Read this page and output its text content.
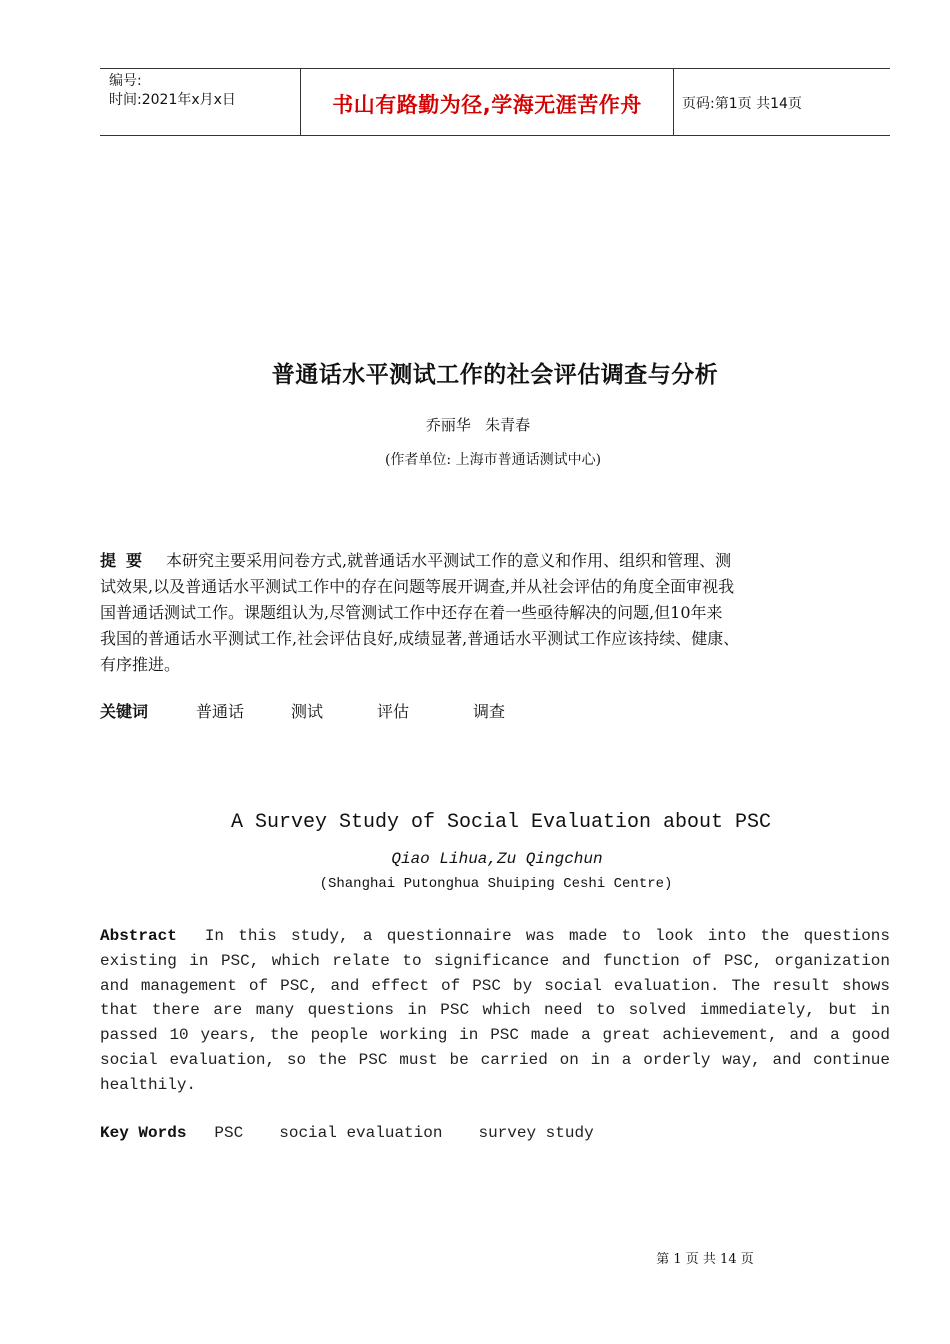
编号:
时间:2021年x月x日	书山有路勤为径,学海无涯苦作舟	页码:第1页 共14页
普通话水平测试工作的社会评估调查与分析
乔丽华   朱青春
(作者单位: 上海市普通话测试中心)
提要 本研究主要采用问卷方式,就普通话水平测试工作的意义和作用、组织和管理、测
试效果,以及普通话水平测试工作中的存在问题等展开调查,并从社会评估的角度全面审视我
国普通话测试工作。课题组认为,尽管测试工作中还存在着一些亟待解决的问题,但10年来
我国的普通话水平测试工作,社会评估良好,成绩显著,普通话水平测试工作应该持续、健康、
有序推进。
关键词	普通话	测试	评估	调查
A Survey Study of Social Evaluation about PSC
Qiao Lihua,Zu Qingchun
(Shanghai Putonghua Shuiping Ceshi Centre)
Abstract In this study, a questionnaire was made to look into the questions
existing in PSC, which relate to significance and function of PSC, organization
and management of PSC, and effect of PSC by social evaluation. The result shows
that there are many questions in PSC which need to solved immediately, but in
passed 10 years, the people working in PSC made a great achievement, and a good
social evaluation, so the PSC must be carried on in a orderly way, and continue
healthily.
Key Words PSC social evaluation survey study
第 1 页 共 14 页
